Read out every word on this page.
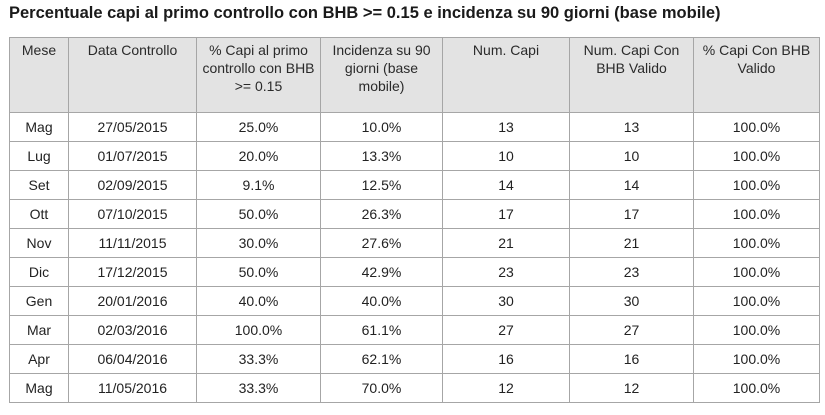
Percentuale capi al primo controllo con BHB >= 0.15 e incidenza su 90 giorni (base mobile)
Mese	Data Controllo	% Capi al primo controllo con BHB >= 0.15	Incidenza su 90 giorni (base mobile)	Num. Capi	Num. Capi Con BHB Valido	% Capi Con BHB Valido
Mag	27/05/2015	25.0%	10.0%	13	13	100.0%
Lug	01/07/2015	20.0%	13.3%	10	10	100.0%
Set	02/09/2015	9.1%	12.5%	14	14	100.0%
Ott	07/10/2015	50.0%	26.3%	17	17	100.0%
Nov	11/11/2015	30.0%	27.6%	21	21	100.0%
Dic	17/12/2015	50.0%	42.9%	23	23	100.0%
Gen	20/01/2016	40.0%	40.0%	30	30	100.0%
Mar	02/03/2016	100.0%	61.1%	27	27	100.0%
Apr	06/04/2016	33.3%	62.1%	16	16	100.0%
Mag	11/05/2016	33.3%	70.0%	12	12	100.0%
